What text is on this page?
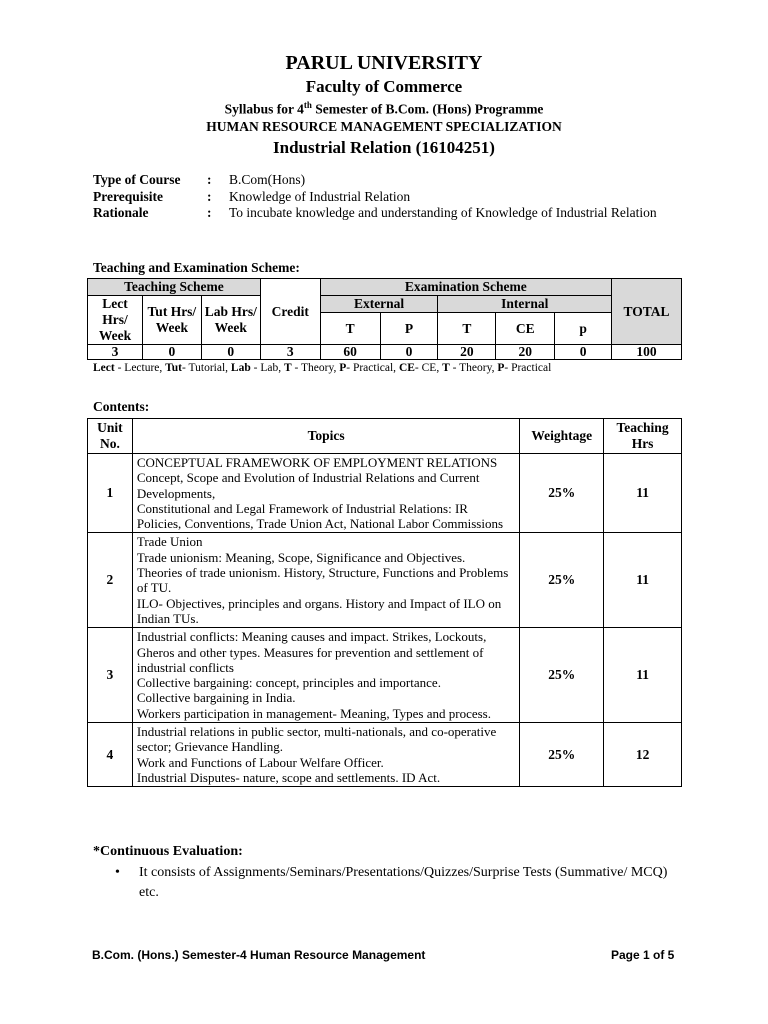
PARUL UNIVERSITY
Faculty of Commerce
Syllabus for 4th Semester of B.Com. (Hons) Programme
HUMAN RESOURCE MANAGEMENT SPECIALIZATION
Industrial Relation (16104251)
Type of Course	:	B.Com(Hons)
Prerequisite	:	Knowledge of Industrial Relation
Rationale	:	To incubate knowledge and understanding of Knowledge of Industrial Relation
Teaching and Examination Scheme:
Teaching Scheme			Credit	Examination Scheme					TOTAL
Lect Hrs/ Week	Tut Hrs/ Week	Lab Hrs/ Week		External		Internal			
				T	P	T	CE	p	
3	0	0	3	60	0	20	20	0	100
Lect - Lecture, Tut- Tutorial, Lab - Lab, T - Theory, P- Practical, CE- CE, T - Theory, P- Practical
Contents:
Unit No.	Topics	Weightage	Teaching Hrs
1	CONCEPTUAL FRAMEWORK OF EMPLOYMENT RELATIONS
Concept, Scope and Evolution of Industrial Relations and Current Developments,
Constitutional and Legal Framework of Industrial Relations: IR Policies, Conventions, Trade Union Act, National Labor Commissions	25%	11
2	Trade Union
Trade unionism: Meaning, Scope, Significance and Objectives.
Theories of trade unionism. History, Structure, Functions and Problems of TU.
ILO- Objectives, principles and organs. History and Impact of ILO on Indian TUs.	25%	11
3	Industrial conflicts: Meaning causes and impact. Strikes, Lockouts, Gheros and other types. Measures for prevention and settlement of industrial conflicts
Collective bargaining: concept, principles and importance.
Collective bargaining in India.
Workers participation in management- Meaning, Types and process.	25%	11
4	Industrial relations in public sector, multi-nationals, and co-operative sector; Grievance Handling.
Work and Functions of Labour Welfare Officer.
Industrial Disputes- nature, scope and settlements. ID Act.	25%	12
*Continuous Evaluation:
• It consists of Assignments/Seminars/Presentations/Quizzes/Surprise Tests (Summative/ MCQ) etc.
B.Com. (Hons.) Semester-4 Human Resource Management	Page 1 of 5
